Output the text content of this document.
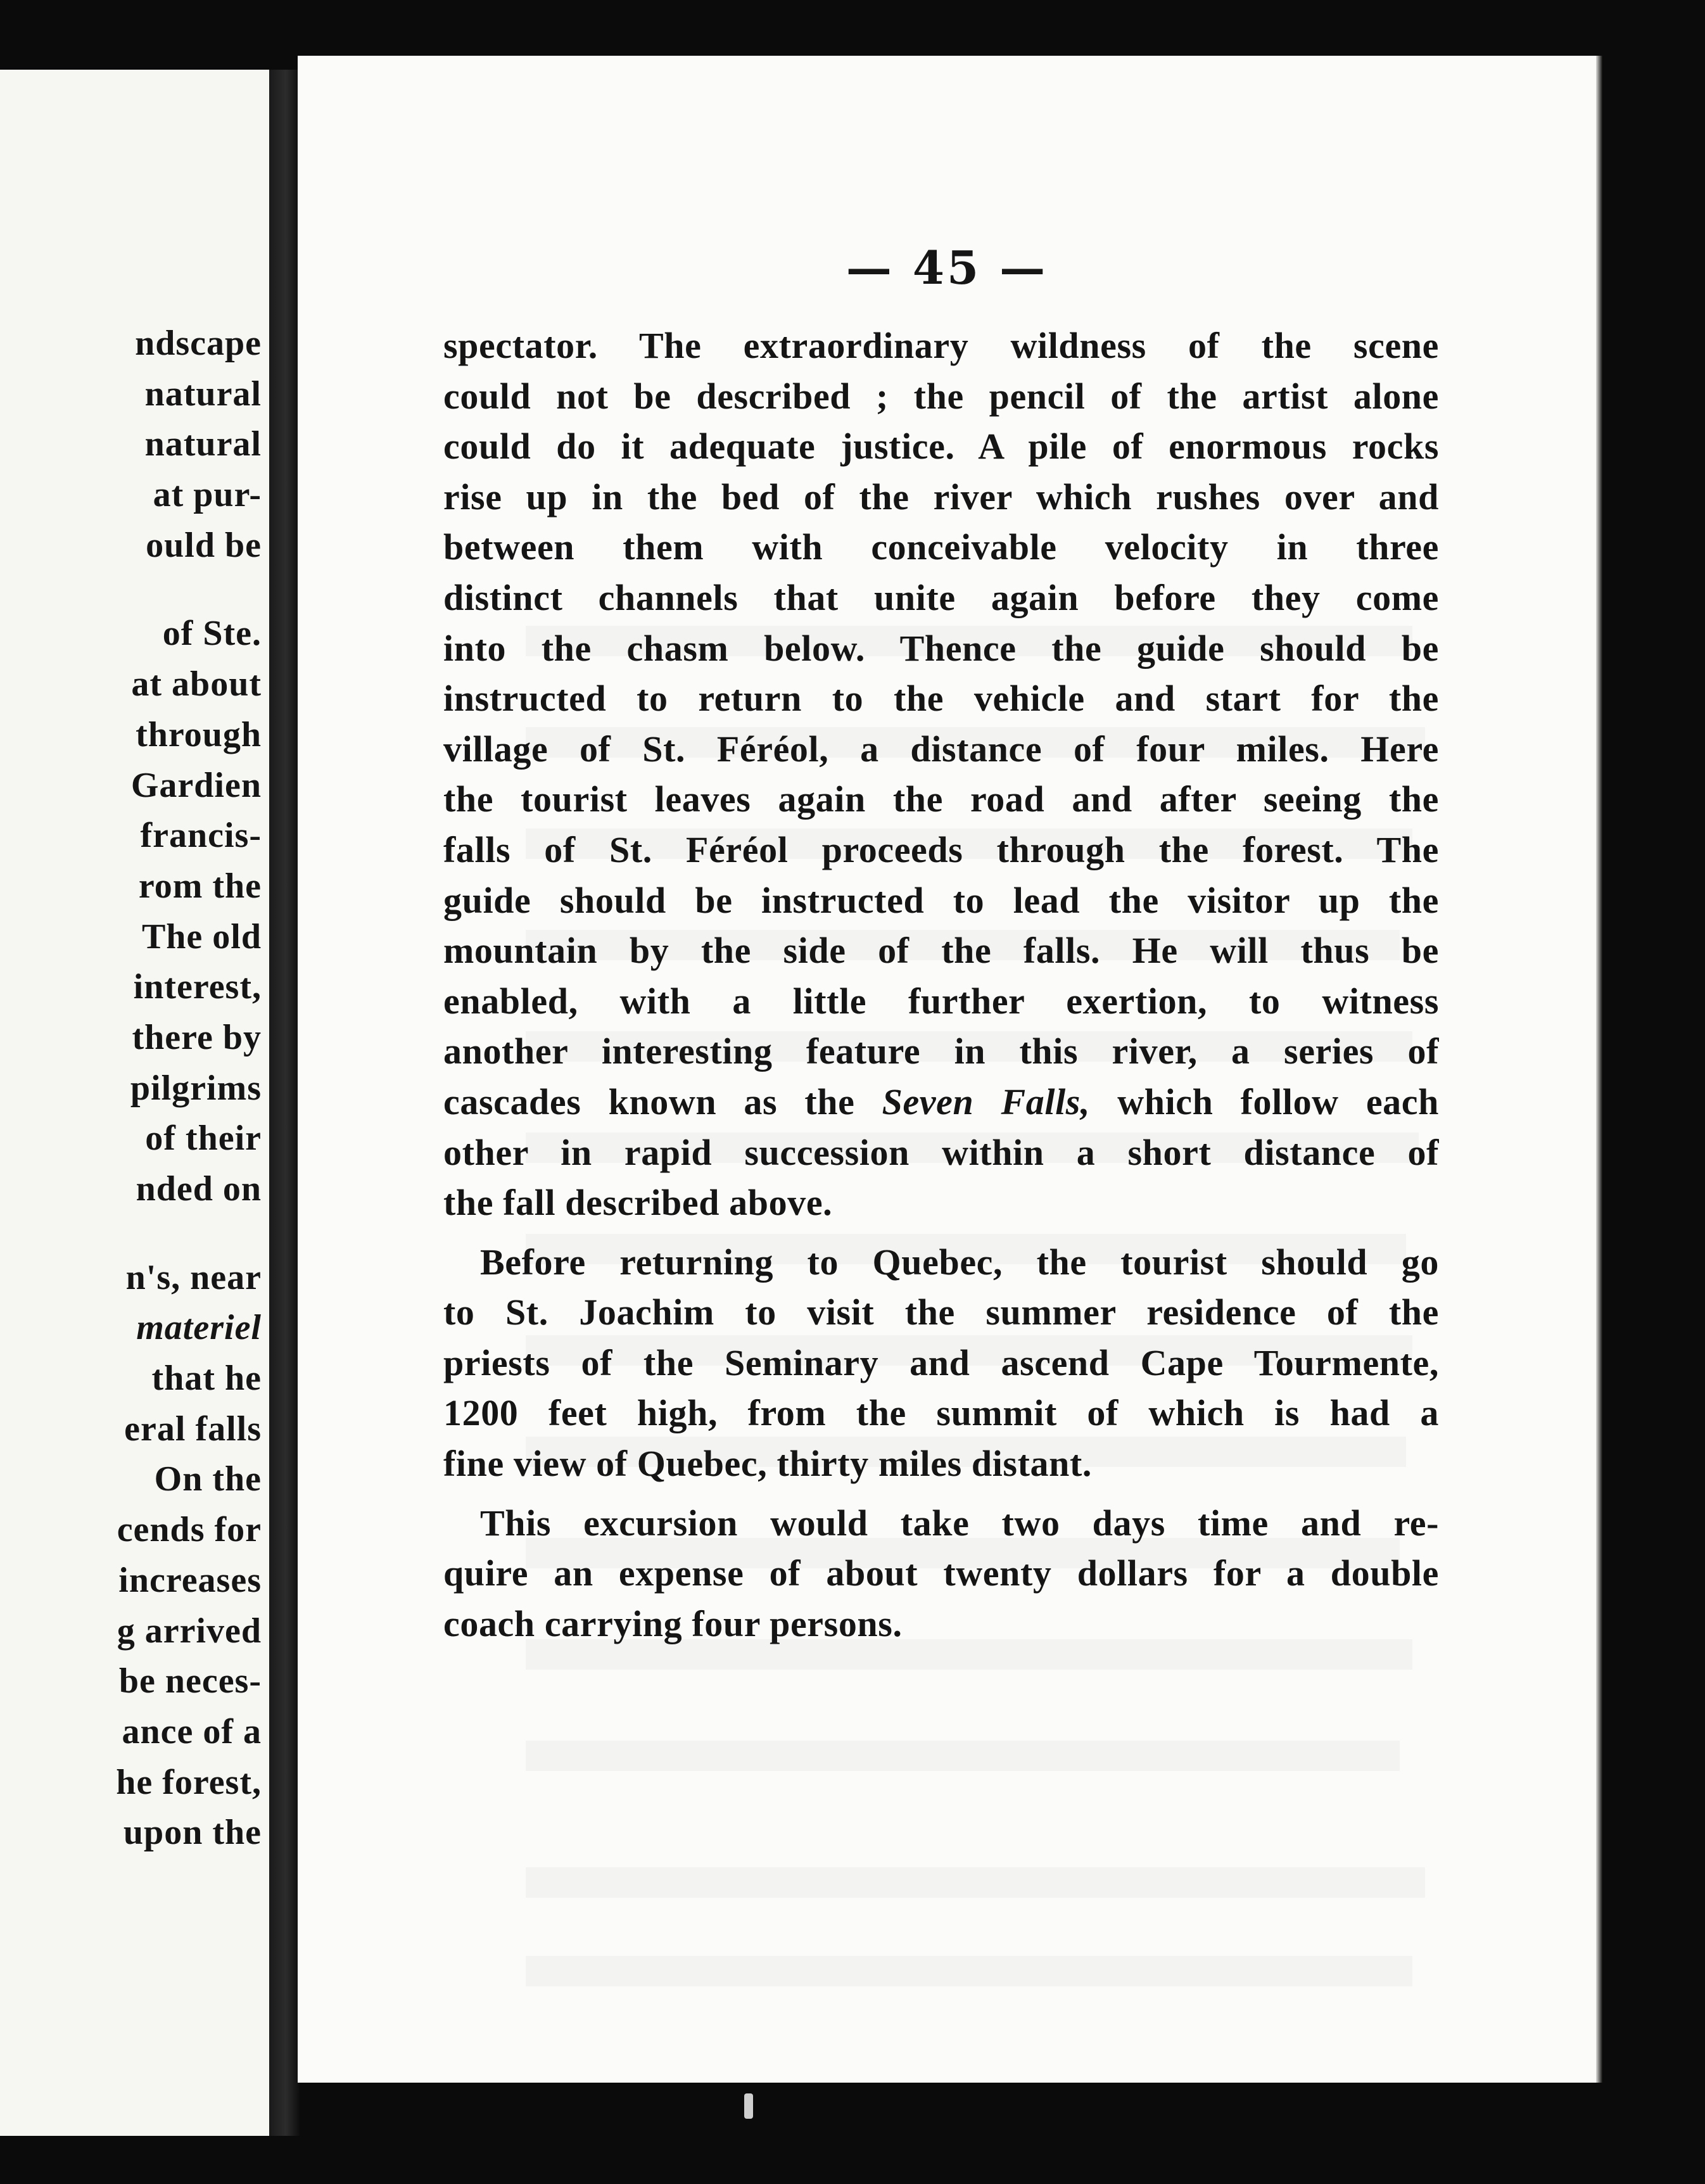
ndscape
natural
natural
at pur-
ould be
of Ste.
at about
through
Gardien
francis-
rom the
The old
interest,
there by
pilgrims
of their
nded on
n's, near
materiel
that he
eral falls
On the
cends for
increases
g arrived
be neces-
ance of a
he forest,
upon the
— 45 —
spectator. The extraordinary wildness of the scene
could not be described ; the pencil of the artist alone
could do it adequate justice. A pile of enormous rocks
rise up in the bed of the river which rushes over and
between them with conceivable velocity in three
distinct channels that unite again before they come
into the chasm below. Thence the guide should be
instructed to return to the vehicle and start for the
village of St. Féréol, a distance of four miles. Here
the tourist leaves again the road and after seeing the
falls of St. Féréol proceeds through the forest. The
guide should be instructed to lead the visitor up the
mountain by the side of the falls. He will thus be
enabled, with a little further exertion, to witness
another interesting feature in this river, a series of
cascades known as the Seven Falls, which follow each
other in rapid succession within a short distance of
the fall described above.
Before returning to Quebec, the tourist should go
to St. Joachim to visit the summer residence of the
priests of the Seminary and ascend Cape Tourmente,
1200 feet high, from the summit of which is had a
fine view of Quebec, thirty miles distant.
This excursion would take two days time and re-
quire an expense of about twenty dollars for a double
coach carrying four persons.
